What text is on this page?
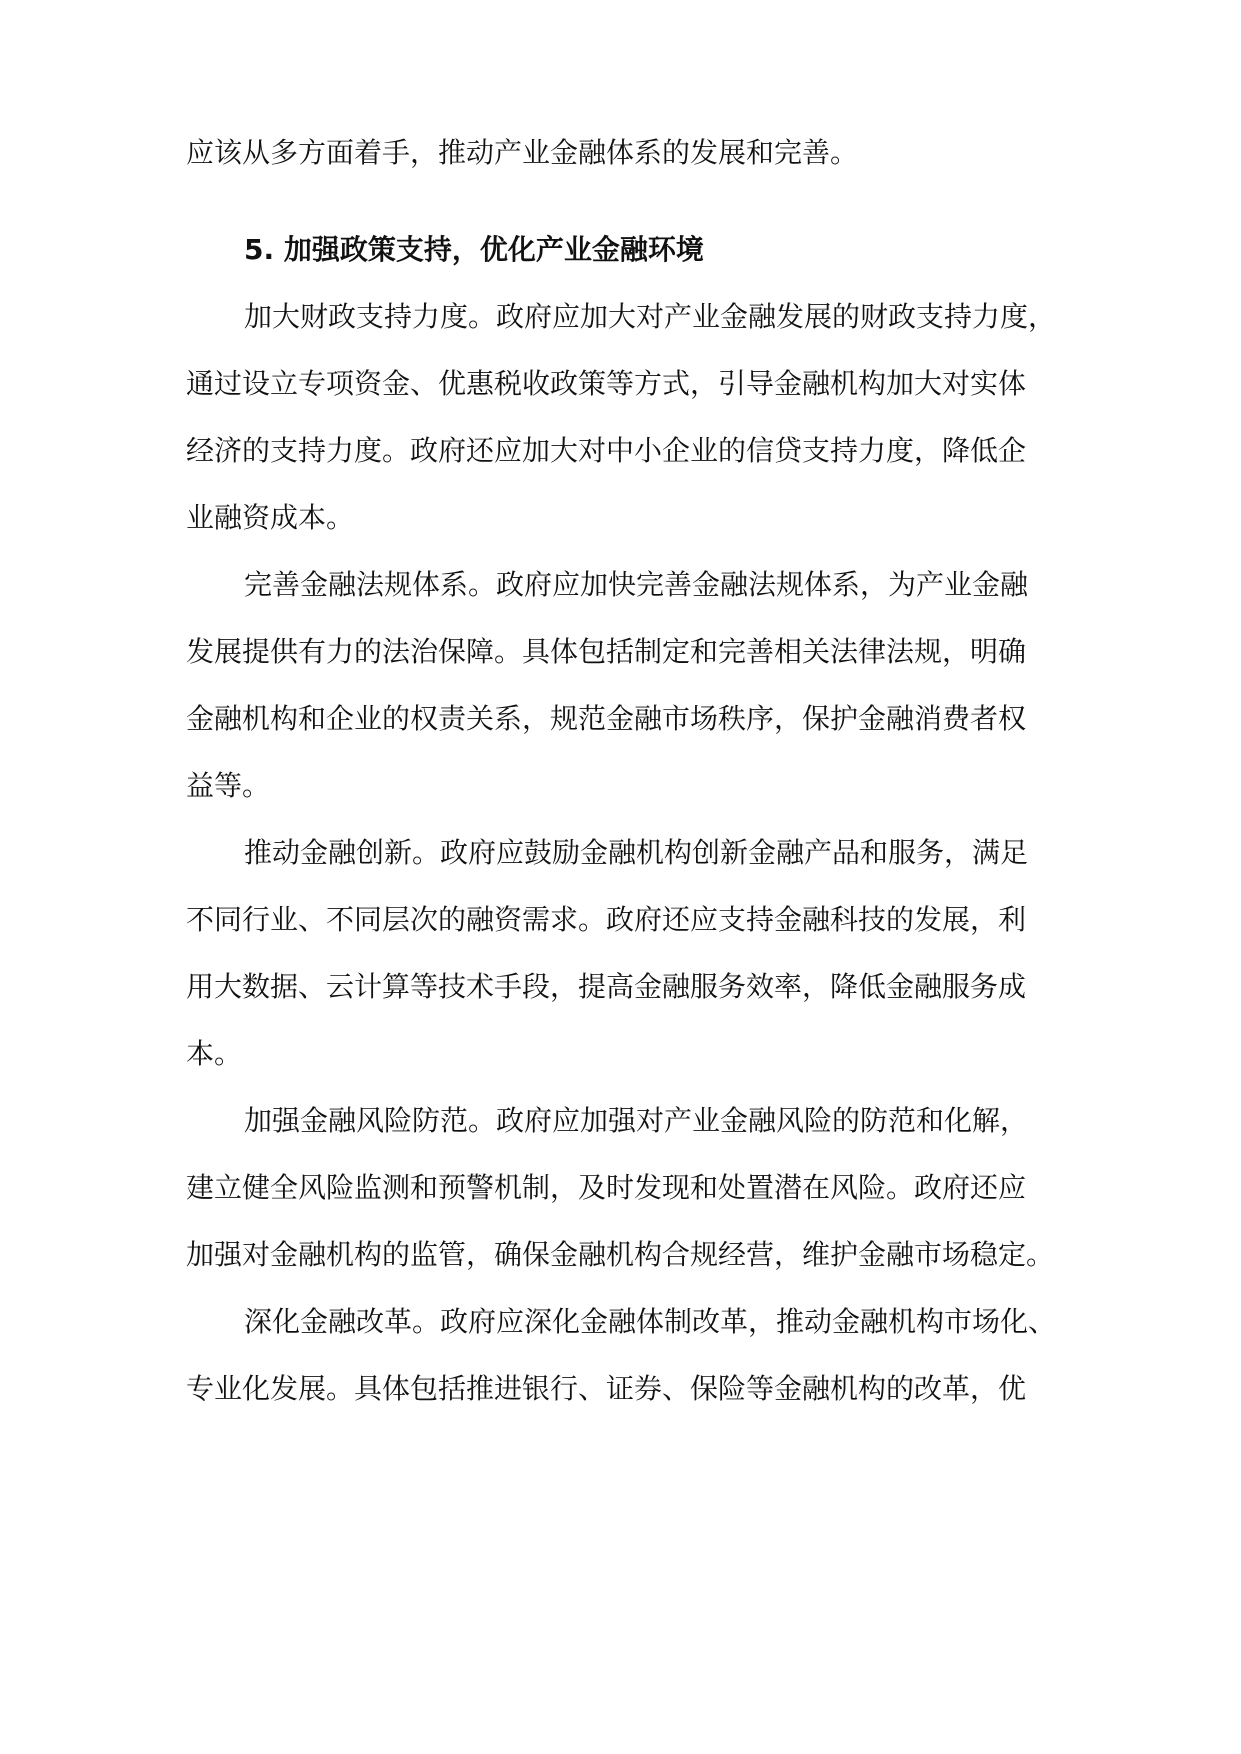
应该从多方面着手，推动产业金融体系的发展和完善。
5. 加强政策支持，优化产业金融环境
加大财政支持力度。政府应加大对产业金融发展的财政支持力度，
通过设立专项资金、优惠税收政策等方式，引导金融机构加大对实体
经济的支持力度。政府还应加大对中小企业的信贷支持力度，降低企
业融资成本。
完善金融法规体系。政府应加快完善金融法规体系，为产业金融
发展提供有力的法治保障。具体包括制定和完善相关法律法规，明确
金融机构和企业的权责关系，规范金融市场秩序，保护金融消费者权
益等。
推动金融创新。政府应鼓励金融机构创新金融产品和服务，满足
不同行业、不同层次的融资需求。政府还应支持金融科技的发展，利
用大数据、云计算等技术手段，提高金融服务效率，降低金融服务成
本。
加强金融风险防范。政府应加强对产业金融风险的防范和化解，
建立健全风险监测和预警机制，及时发现和处置潜在风险。政府还应
加强对金融机构的监管，确保金融机构合规经营，维护金融市场稳定。
深化金融改革。政府应深化金融体制改革，推动金融机构市场化、
专业化发展。具体包括推进银行、证券、保险等金融机构的改革，优
